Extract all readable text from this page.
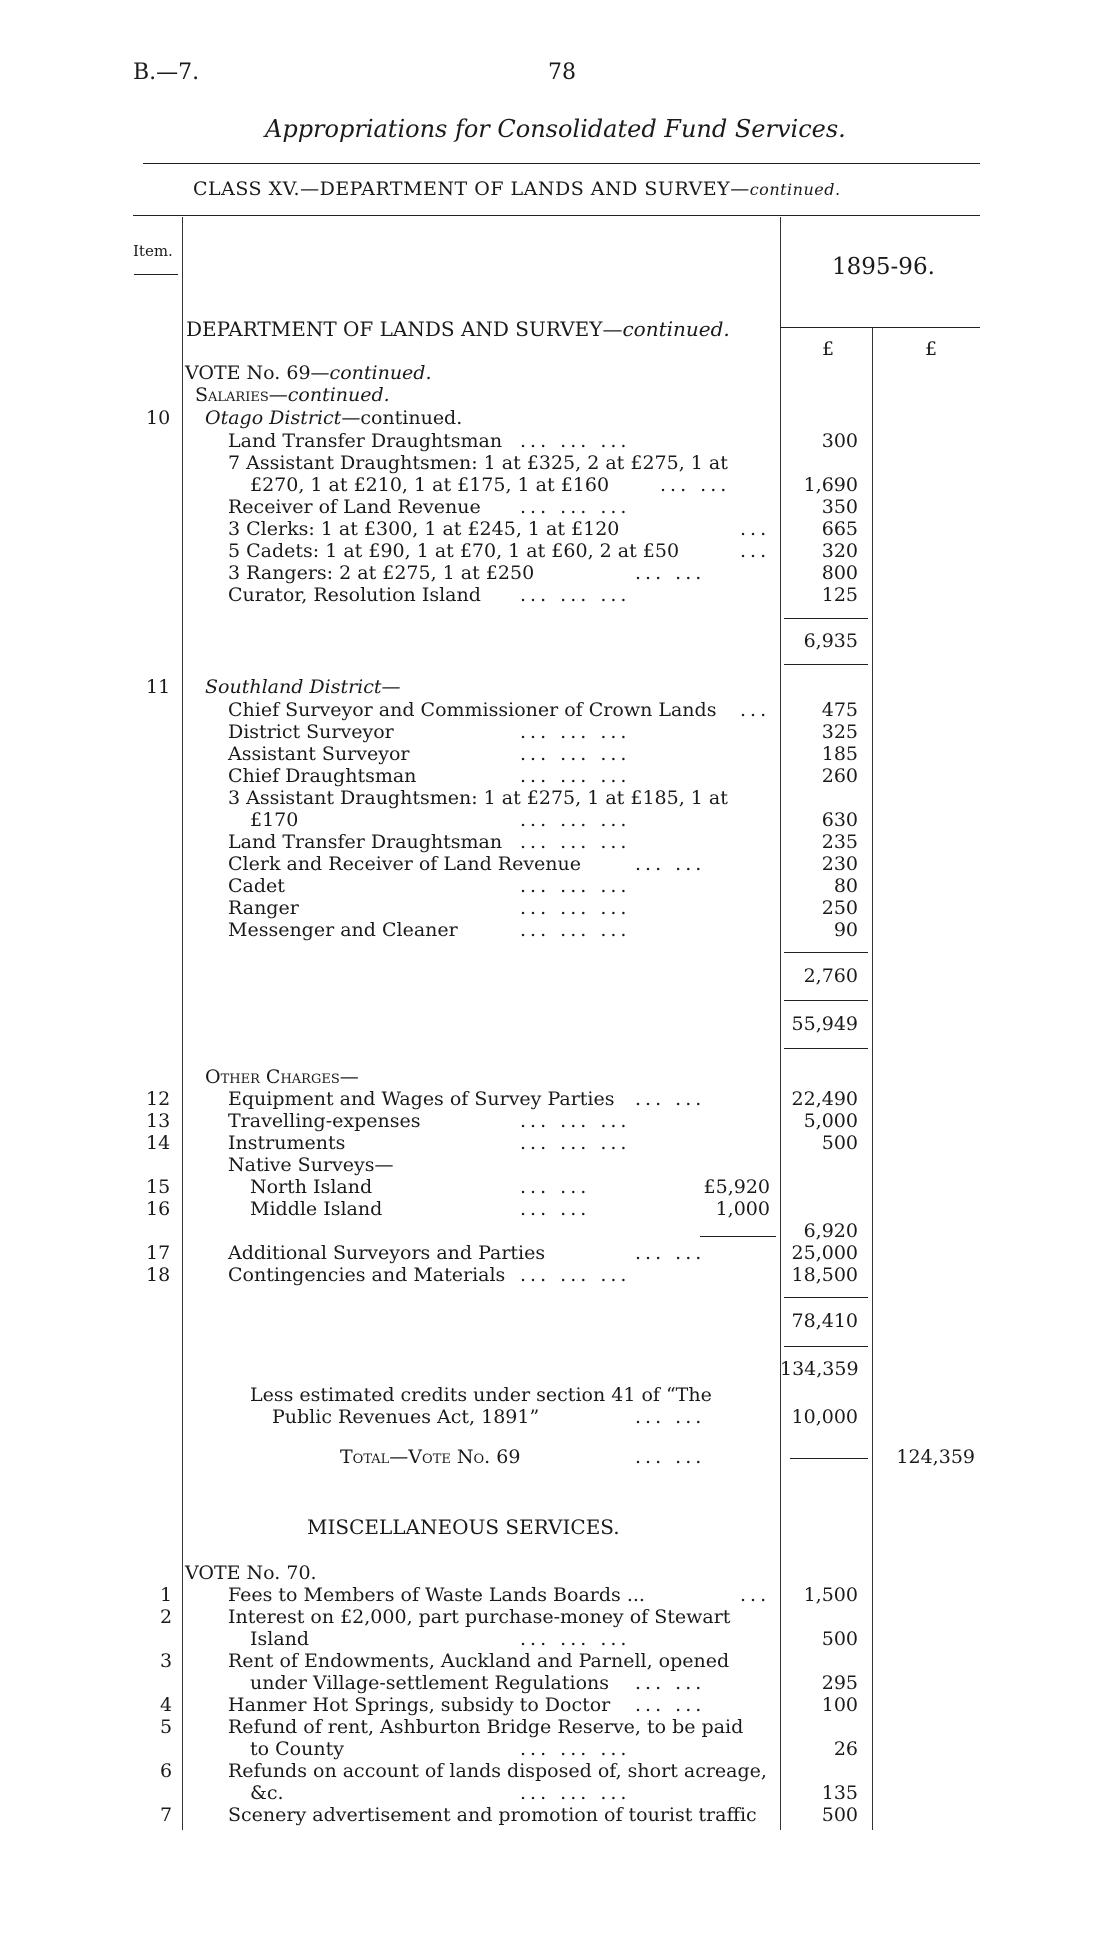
B.—7.	78
Appropriations for Consolidated Fund Services.
CLASS XV.—DEPARTMENT OF LANDS AND SURVEY—continued.
Item.
1895-96.
£	£
DEPARTMENT OF LANDS AND SURVEY—continued.
VOTE No. 69—continued.
Salaries—continued.
10 Otago District—continued.
Land Transfer Draughtsman ... ... ...	300
7 Assistant Draughtsmen: 1 at £325, 2 at £275, 1 at
£270, 1 at £210, 1 at £175, 1 at £160	... ...	1,690
Receiver of Land Revenue ... ... ...	350
3 Clerks: 1 at £300, 1 at £245, 1 at £120	...	665
5 Cadets: 1 at £90, 1 at £70, 1 at £60, 2 at £50	...	320
3 Rangers: 2 at £275, 1 at £250	... ...	800
Curator, Resolution Island ... ... ...	125
6,935
11 Southland District—
Chief Surveyor and Commissioner of Crown Lands ...	475
District Surveyor	... ... ...	325
Assistant Surveyor	... ... ...	185
Chief Draughtsman	... ... ...	260
3 Assistant Draughtsmen: 1 at £275, 1 at £185, 1 at
£170	... ... ...	630
Land Transfer Draughtsman ... ... ...	235
Clerk and Receiver of Land Revenue	... ...	230
Cadet	... ... ...	80
Ranger	... ... ...	250
Messenger and Cleaner	... ... ...	90
2,760
55,949
Other Charges—
12	Equipment and Wages of Survey Parties ... ...	22,490
13	Travelling-expenses	... ... ...	5,000
14	Instruments	... ... ...	500
Native Surveys—
15	North Island	... ...	£5,920
16	Middle Island	... ...	1,000
6,920
17	Additional Surveyors and Parties	... ...	25,000
18	Contingencies and Materials ... ... ...	18,500
78,410
134,359
Less estimated credits under section 41 of “The
Public Revenues Act, 1891”	... ...	10,000
Total—Vote No. 69	... ...	124,359
MISCELLANEOUS SERVICES.
VOTE No. 70.
1	Fees to Members of Waste Lands Boards ...	...	1,500
2	Interest on £2,000, part purchase-money of Stewart
Island	... ... ...	500
3	Rent of Endowments, Auckland and Parnell, opened
under Village-settlement Regulations ... ...	295
4	Hanmer Hot Springs, subsidy to Doctor ... ...	100
5	Refund of rent, Ashburton Bridge Reserve, to be paid
to County	... ... ...	26
6	Refunds on account of lands disposed of, short acreage,
&c.	... ... ...	135
7	Scenery advertisement and promotion of tourist traffic	500
